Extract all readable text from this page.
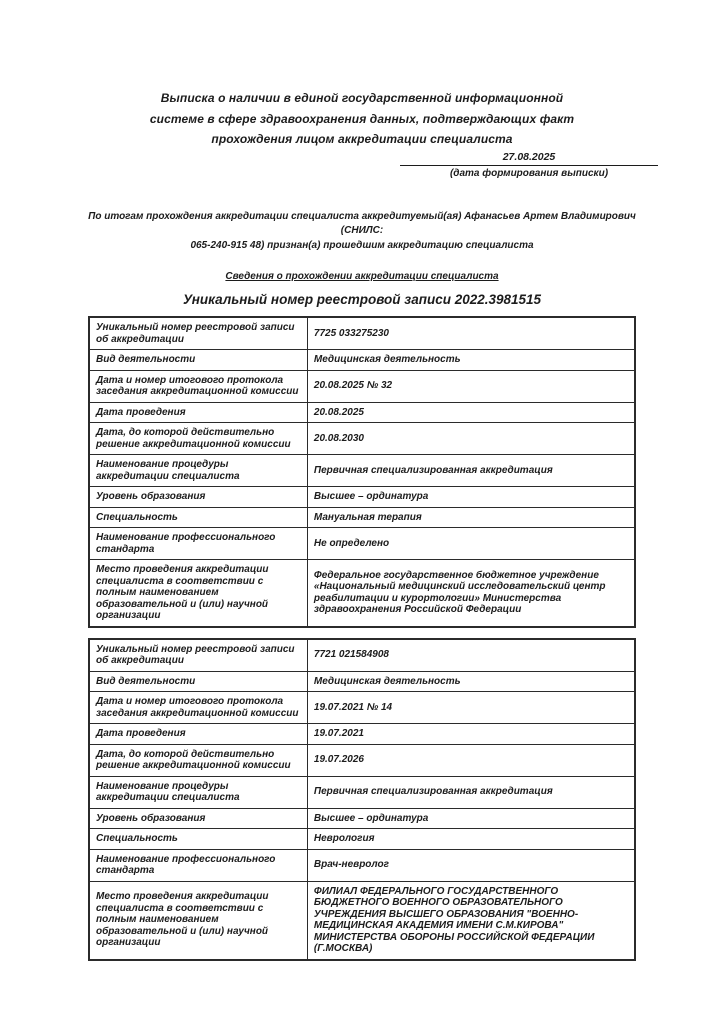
Выписка о наличии в единой государственной информационной
системе в сфере здравоохранения данных, подтверждающих факт
прохождения лицом аккредитации специалиста
27.08.2025
(дата формирования выписки)
По итогам прохождения аккредитации специалиста аккредитуемый(ая) Афанасьев Артем Владимирович (СНИЛС:
065-240-915 48) признан(а) прошедшим аккредитацию специалиста
Сведения о прохождении аккредитации специалиста
Уникальный номер реестровой записи 2022.3981515
Уникальный номер реестровой записи об аккредитации	7725 033275230
Вид деятельности	Медицинская деятельность
Дата и номер итогового протокола заседания аккредитационной комиссии	20.08.2025 № 32
Дата проведения	20.08.2025
Дата, до которой действительно решение аккредитационной комиссии	20.08.2030
Наименование процедуры аккредитации специалиста	Первичная специализированная аккредитация
Уровень образования	Высшее – ординатура
Специальность	Мануальная терапия
Наименование профессионального стандарта	Не определено
Место проведения аккредитации специалиста в соответствии с полным наименованием образовательной и (или) научной организации	Федеральное государственное бюджетное учреждение «Национальный медицинский исследовательский центр реабилитации и курортологии» Министерства здравоохранения Российской Федерации
Уникальный номер реестровой записи об аккредитации	7721 021584908
Вид деятельности	Медицинская деятельность
Дата и номер итогового протокола заседания аккредитационной комиссии	19.07.2021 № 14
Дата проведения	19.07.2021
Дата, до которой действительно решение аккредитационной комиссии	19.07.2026
Наименование процедуры аккредитации специалиста	Первичная специализированная аккредитация
Уровень образования	Высшее – ординатура
Специальность	Неврология
Наименование профессионального стандарта	Врач-невролог
Место проведения аккредитации специалиста в соответствии с полным наименованием образовательной и (или) научной организации	ФИЛИАЛ ФЕДЕРАЛЬНОГО ГОСУДАРСТВЕННОГО БЮДЖЕТНОГО ВОЕННОГО ОБРАЗОВАТЕЛЬНОГО УЧРЕЖДЕНИЯ ВЫСШЕГО ОБРАЗОВАНИЯ "ВОЕННО-МЕДИЦИНСКАЯ АКАДЕМИЯ ИМЕНИ С.М.КИРОВА" МИНИСТЕРСТВА ОБОРОНЫ РОССИЙСКОЙ ФЕДЕРАЦИИ (Г.МОСКВА)
